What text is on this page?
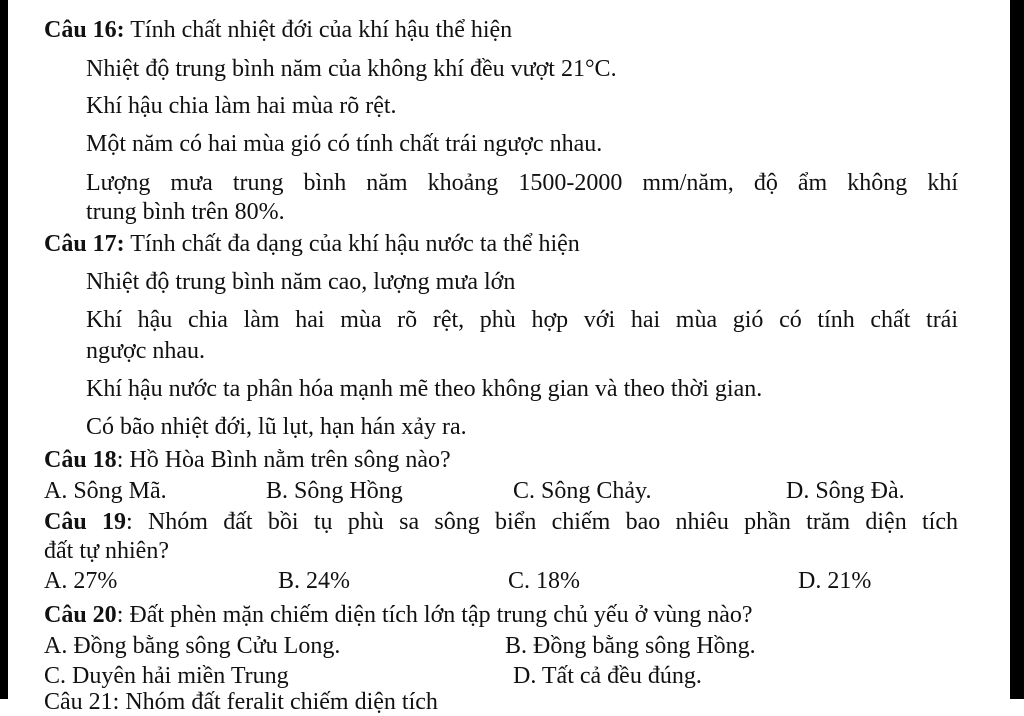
Câu 16: Tính chất nhiệt đới của khí hậu thể hiện
Nhiệt độ trung bình năm của không khí đều vượt 21°C.
Khí hậu chia làm hai mùa rõ rệt.
Một năm có hai mùa gió có tính chất trái ngược nhau.
Lượng mưa trung bình năm khoảng 1500-2000 mm/năm, độ ẩm không khí
trung bình trên 80%.
Câu 17: Tính chất đa dạng của khí hậu nước ta thể hiện
Nhiệt độ trung bình năm cao, lượng mưa lớn
Khí hậu chia làm hai mùa rõ rệt, phù hợp với hai mùa gió có tính chất trái
ngược nhau.
Khí hậu nước ta phân hóa mạnh mẽ theo không gian và theo thời gian.
Có bão nhiệt đới, lũ lụt, hạn hán xảy ra.
Câu 18: Hồ Hòa Bình nằm trên sông nào?
A. Sông Mã.	B. Sông Hồng	C. Sông Chảy.	D. Sông Đà.
Câu 19: Nhóm đất bồi tụ phù sa sông biển chiếm bao nhiêu phần trăm diện tích
đất tự nhiên?
A. 27%	B. 24%	C. 18%	D. 21%
Câu 20: Đất phèn mặn chiếm diện tích lớn tập trung chủ yếu ở vùng nào?
A. Đồng bằng sông Cửu Long.	B. Đồng bằng sông Hồng.
C. Duyên hải miền Trung	D. Tất cả đều đúng.
Câu 21: Nhóm đất feralit chiếm diện tích
